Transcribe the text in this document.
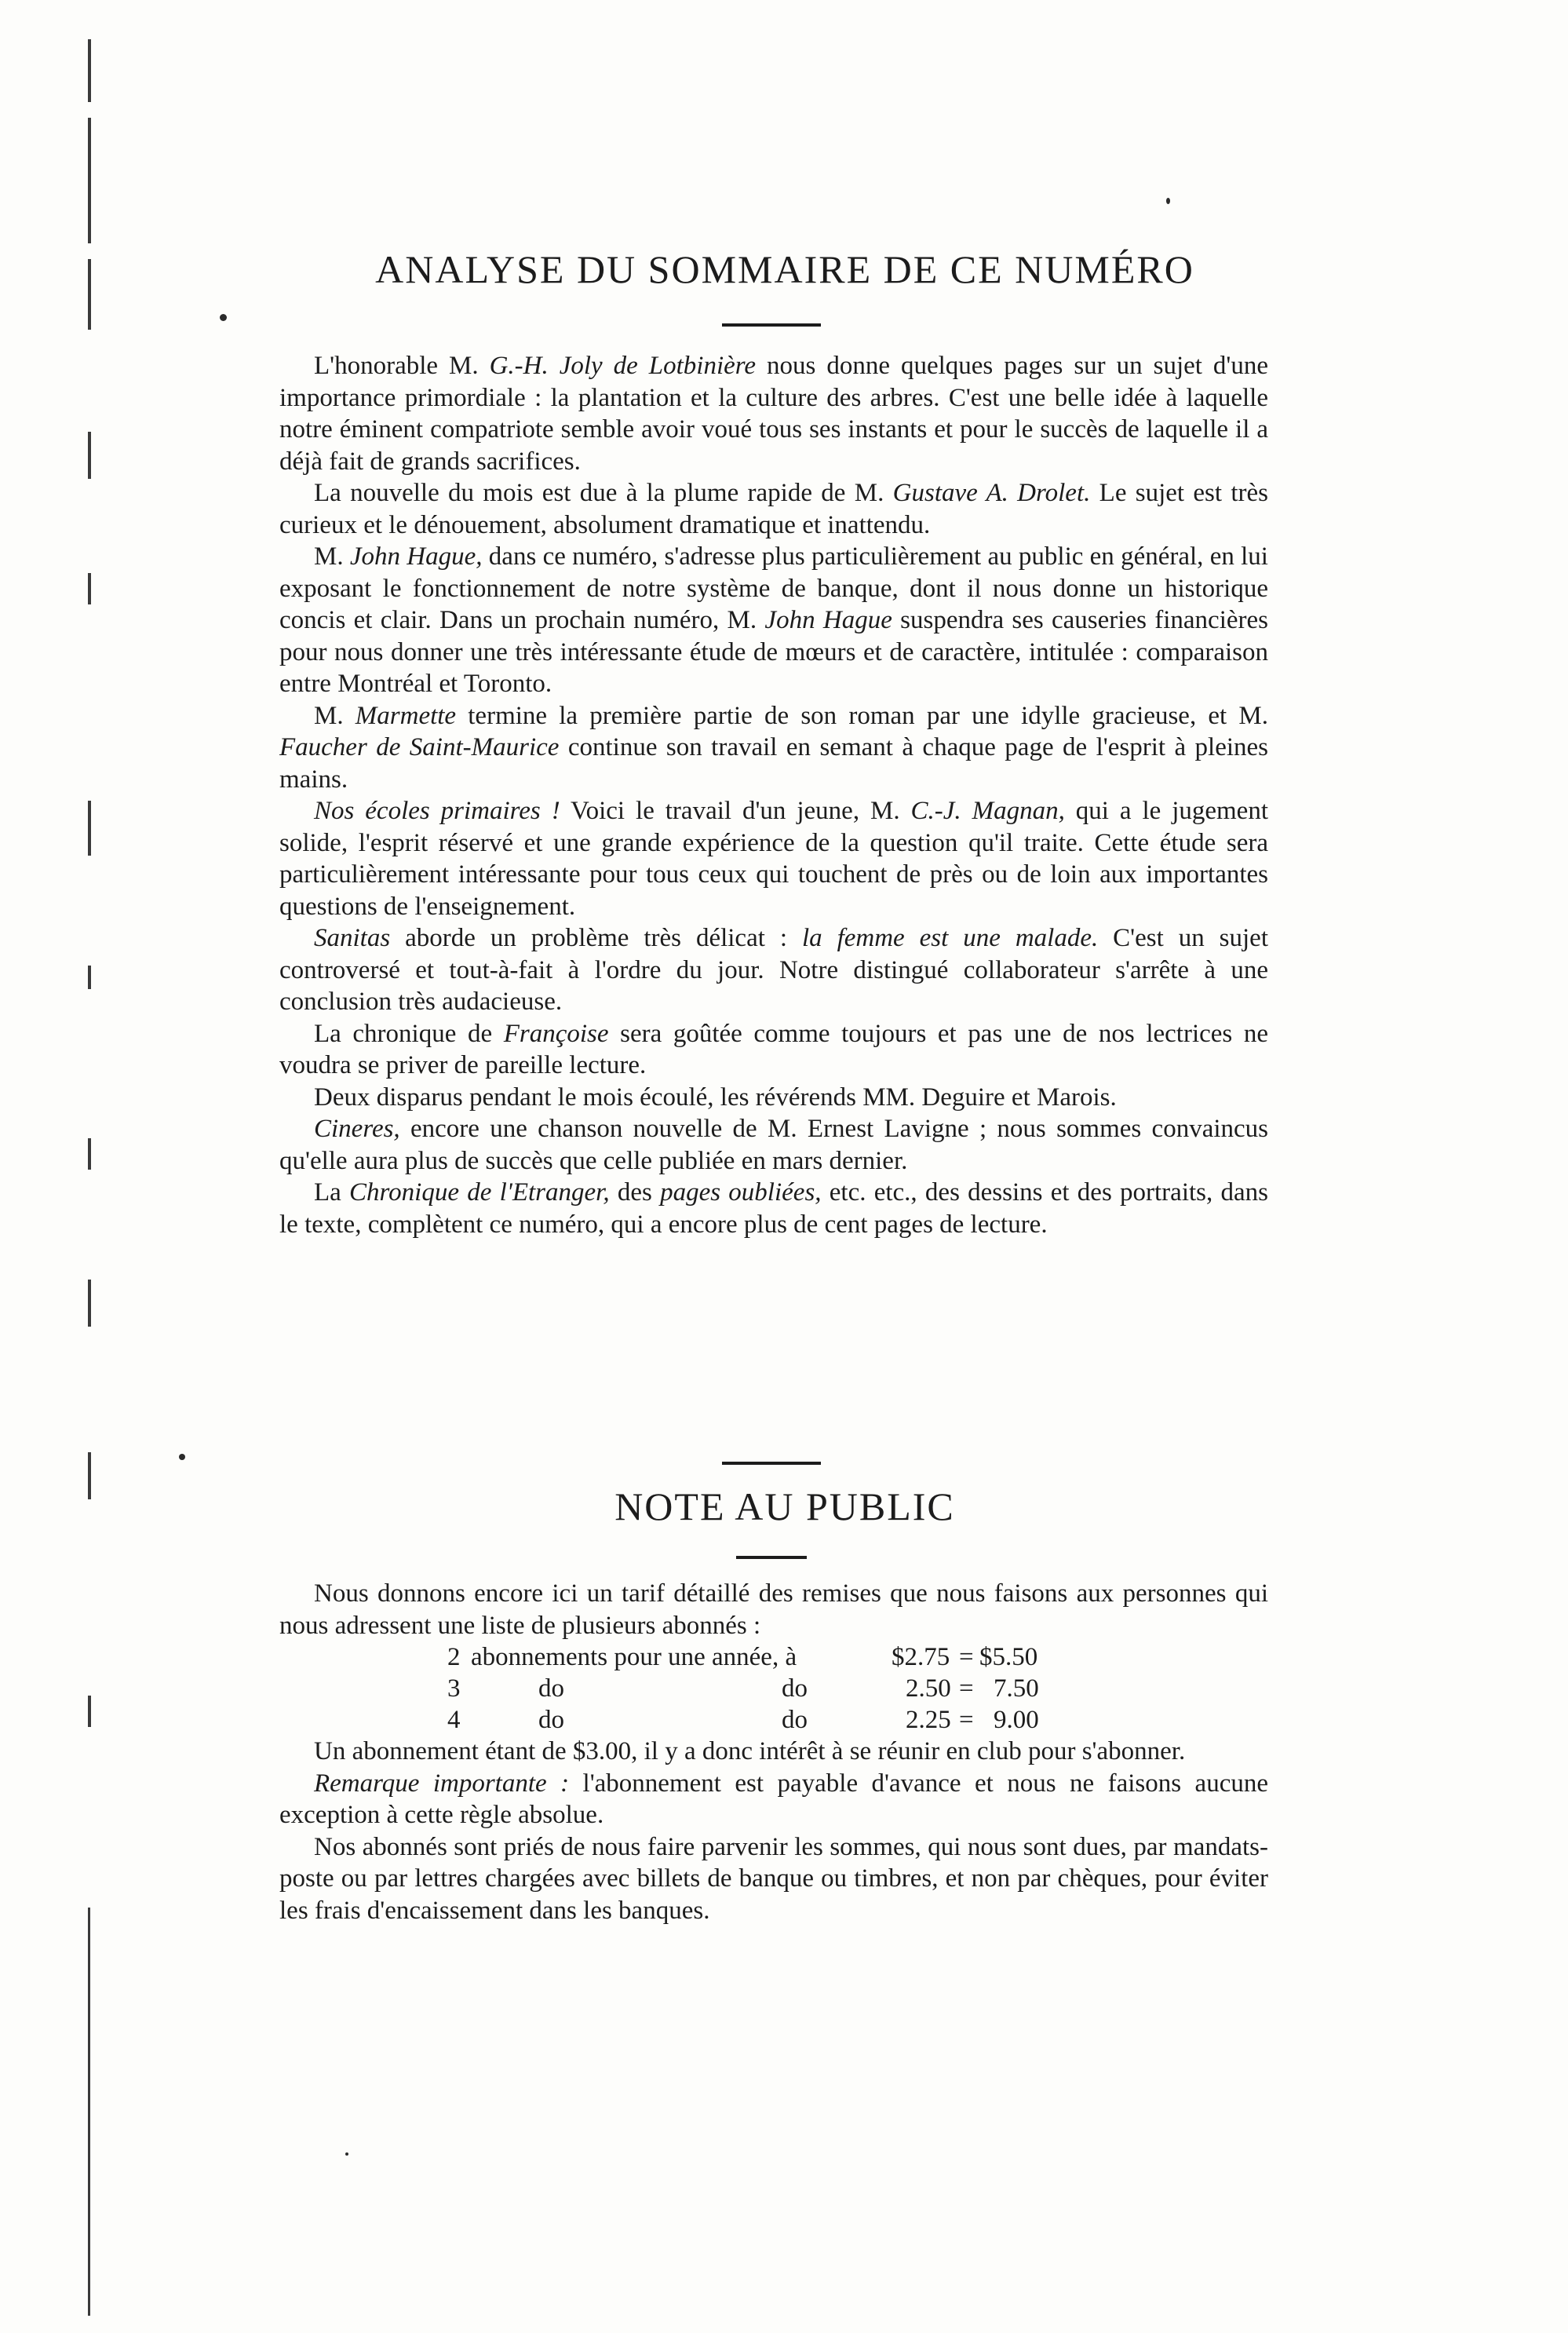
ANALYSE DU SOMMAIRE DE CE NUMÉRO

L'honorable M. G.-H. Joly de Lotbinière nous donne quelques pages sur un sujet d'une importance primordiale : la plantation et la culture des arbres. C'est une belle idée à laquelle notre éminent compatriote semble avoir voué tous ses instants et pour le succès de laquelle il a déjà fait de grands sacrifices.

La nouvelle du mois est due à la plume rapide de M. Gustave A. Drolet. Le sujet est très curieux et le dénouement, absolument dramatique et inattendu.

M. John Hague, dans ce numéro, s'adresse plus particulièrement au public en général, en lui exposant le fonctionnement de notre système de banque, dont il nous donne un historique concis et clair. Dans un prochain numéro, M. John Hague suspendra ses causeries financières pour nous donner une très intéressante étude de mœurs et de caractère, intitulée : comparaison entre Montréal et Toronto.

M. Marmette termine la première partie de son roman par une idylle gracieuse, et M. Faucher de Saint-Maurice continue son travail en semant à chaque page de l'esprit à pleines mains.

Nos écoles primaires ! Voici le travail d'un jeune, M. C.-J. Magnan, qui a le jugement solide, l'esprit réservé et une grande expérience de la question qu'il traite. Cette étude sera particulièrement intéressante pour tous ceux qui touchent de près ou de loin aux importantes questions de l'enseignement.

Sanitas aborde un problème très délicat : la femme est une malade. C'est un sujet controversé et tout-à-fait à l'ordre du jour. Notre distingué collaborateur s'arrête à une conclusion très audacieuse.

La chronique de Françoise sera goûtée comme toujours et pas une de nos lectrices ne voudra se priver de pareille lecture.

Deux disparus pendant le mois écoulé, les révérends MM. Deguire et Marois.

Cineres, encore une chanson nouvelle de M. Ernest Lavigne ; nous sommes convaincus qu'elle aura plus de succès que celle publiée en mars dernier.

La Chronique de l'Etranger, des pages oubliées, etc. etc., des dessins et des portraits, dans le texte, complètent ce numéro, qui a encore plus de cent pages de lecture.

NOTE AU PUBLIC

Nous donnons encore ici un tarif détaillé des remises que nous faisons aux personnes qui nous adressent une liste de plusieurs abonnés :

2 abonnements pour une année, à	$2.75 = $5.50
3	do	do	2.50 = 7.50
4	do	do	2.25 = 9.00

Un abonnement étant de $3.00, il y a donc intérêt à se réunir en club pour s'abonner.

Remarque importante : l'abonnement est payable d'avance et nous ne faisons aucune exception à cette règle absolue.

Nos abonnés sont priés de nous faire parvenir les sommes, qui nous sont dues, par mandats-poste ou par lettres chargées avec billets de banque ou timbres, et non par chèques, pour éviter les frais d'encaissement dans les banques.
